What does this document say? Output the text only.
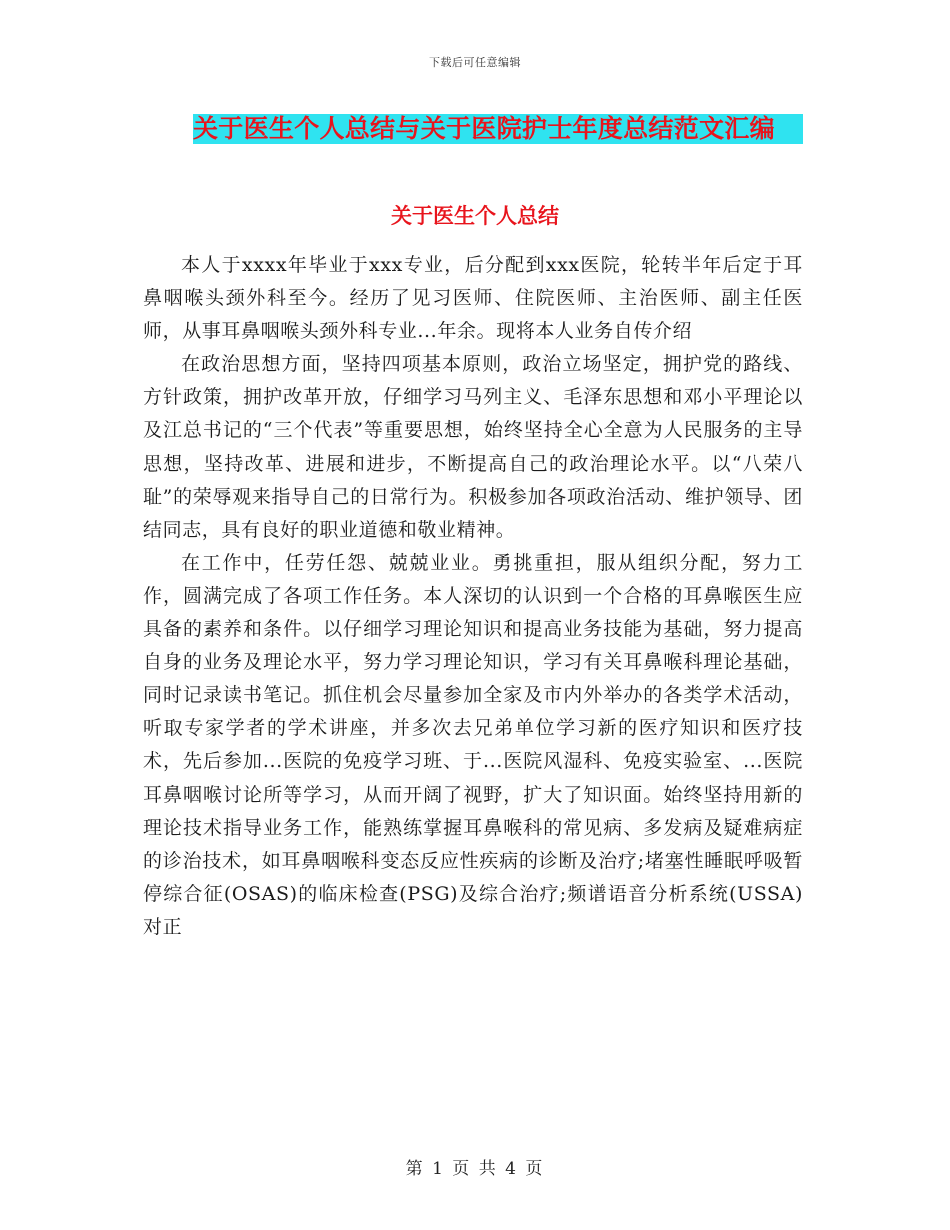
下载后可任意编辑
关于医生个人总结与关于医院护士年度总结范文汇编
关于医生个人总结

本人于xxxx年毕业于xxx专业，后分配到xxx医院，轮转半年后定于耳鼻咽喉头颈外科至今。经历了见习医师、住院医师、主治医师、副主任医师，从事耳鼻咽喉头颈外科专业...年余。现将本人业务自传介绍

在政治思想方面，坚持四项基本原则，政治立场坚定，拥护党的路线、方针政策，拥护改革开放，仔细学习马列主义、毛泽东思想和邓小平理论以及江总书记的“三个代表”等重要思想，始终坚持全心全意为人民服务的主导思想，坚持改革、进展和进步，不断提高自己的政治理论水平。以“八荣八耻”的荣辱观来指导自己的日常行为。积极参加各项政治活动、维护领导、团结同志，具有良好的职业道德和敬业精神。

在工作中，任劳任怨、兢兢业业。勇挑重担，服从组织分配，努力工作，圆满完成了各项工作任务。本人深切的认识到一个合格的耳鼻喉医生应具备的素养和条件。以仔细学习理论知识和提高业务技能为基础，努力提高自身的业务及理论水平，努力学习理论知识，学习有关耳鼻喉科理论基础，同时记录读书笔记。抓住机会尽量参加全家及市内外举办的各类学术活动，听取专家学者的学术讲座，并多次去兄弟单位学习新的医疗知识和医疗技术，先后参加...医院的免疫学习班、于...医院风湿科、免疫实验室、...医院耳鼻咽喉讨论所等学习，从而开阔了视野，扩大了知识面。始终坚持用新的理论技术指导业务工作，能熟练掌握耳鼻喉科的常见病、多发病及疑难病症的诊治技术，如耳鼻咽喉科变态反应性疾病的诊断及治疗;堵塞性睡眠呼吸暂停综合征(OSAS)的临床检查(PSG)及综合治疗;频谱语音分析系统(USSA)对正

第 1 页 共 4 页
